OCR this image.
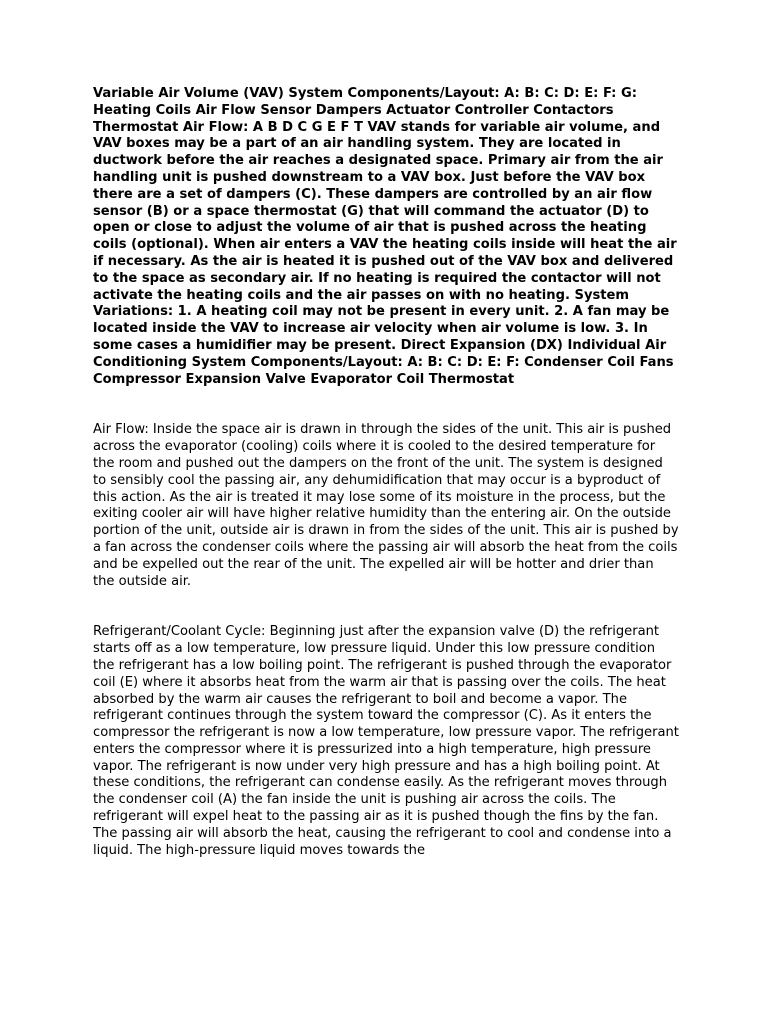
Variable Air Volume (VAV) System Components/Layout: A: B: C: D: E: F: G: Heating Coils Air Flow Sensor Dampers Actuator Controller Contactors Thermostat Air Flow: A B D C G E F T VAV stands for variable air volume, and VAV boxes may be a part of an air handling system. They are located in ductwork before the air reaches a designated space. Primary air from the air handling unit is pushed downstream to a VAV box. Just before the VAV box there are a set of dampers (C). These dampers are controlled by an air flow sensor (B) or a space thermostat (G) that will command the actuator (D) to open or close to adjust the volume of air that is pushed across the heating coils (optional). When air enters a VAV the heating coils inside will heat the air if necessary. As the air is heated it is pushed out of the VAV box and delivered to the space as secondary air. If no heating is required the contactor will not activate the heating coils and the air passes on with no heating. System Variations: 1. A heating coil may not be present in every unit. 2. A fan may be located inside the VAV to increase air velocity when air volume is low. 3. In some cases a humidifier may be present. Direct Expansion (DX) Individual Air Conditioning System Components/Layout: A: B: C: D: E: F: Condenser Coil Fans Compressor Expansion Valve Evaporator Coil Thermostat

Air Flow: Inside the space air is drawn in through the sides of the unit. This air is pushed across the evaporator (cooling) coils where it is cooled to the desired temperature for the room and pushed out the dampers on the front of the unit. The system is designed to sensibly cool the passing air, any dehumidification that may occur is a byproduct of this action. As the air is treated it may lose some of its moisture in the process, but the exiting cooler air will have higher relative humidity than the entering air. On the outside portion of the unit, outside air is drawn in from the sides of the unit. This air is pushed by a fan across the condenser coils where the passing air will absorb the heat from the coils and be expelled out the rear of the unit. The expelled air will be hotter and drier than the outside air.

Refrigerant/Coolant Cycle: Beginning just after the expansion valve (D) the refrigerant starts off as a low temperature, low pressure liquid. Under this low pressure condition the refrigerant has a low boiling point. The refrigerant is pushed through the evaporator coil (E) where it absorbs heat from the warm air that is passing over the coils. The heat absorbed by the warm air causes the refrigerant to boil and become a vapor. The refrigerant continues through the system toward the compressor (C). As it enters the compressor the refrigerant is now a low temperature, low pressure vapor. The refrigerant enters the compressor where it is pressurized into a high temperature, high pressure vapor. The refrigerant is now under very high pressure and has a high boiling point. At these conditions, the refrigerant can condense easily. As the refrigerant moves through the condenser coil (A) the fan inside the unit is pushing air across the coils. The refrigerant will expel heat to the passing air as it is pushed though the fins by the fan. The passing air will absorb the heat, causing the refrigerant to cool and condense into a liquid. The high-pressure liquid moves towards the
